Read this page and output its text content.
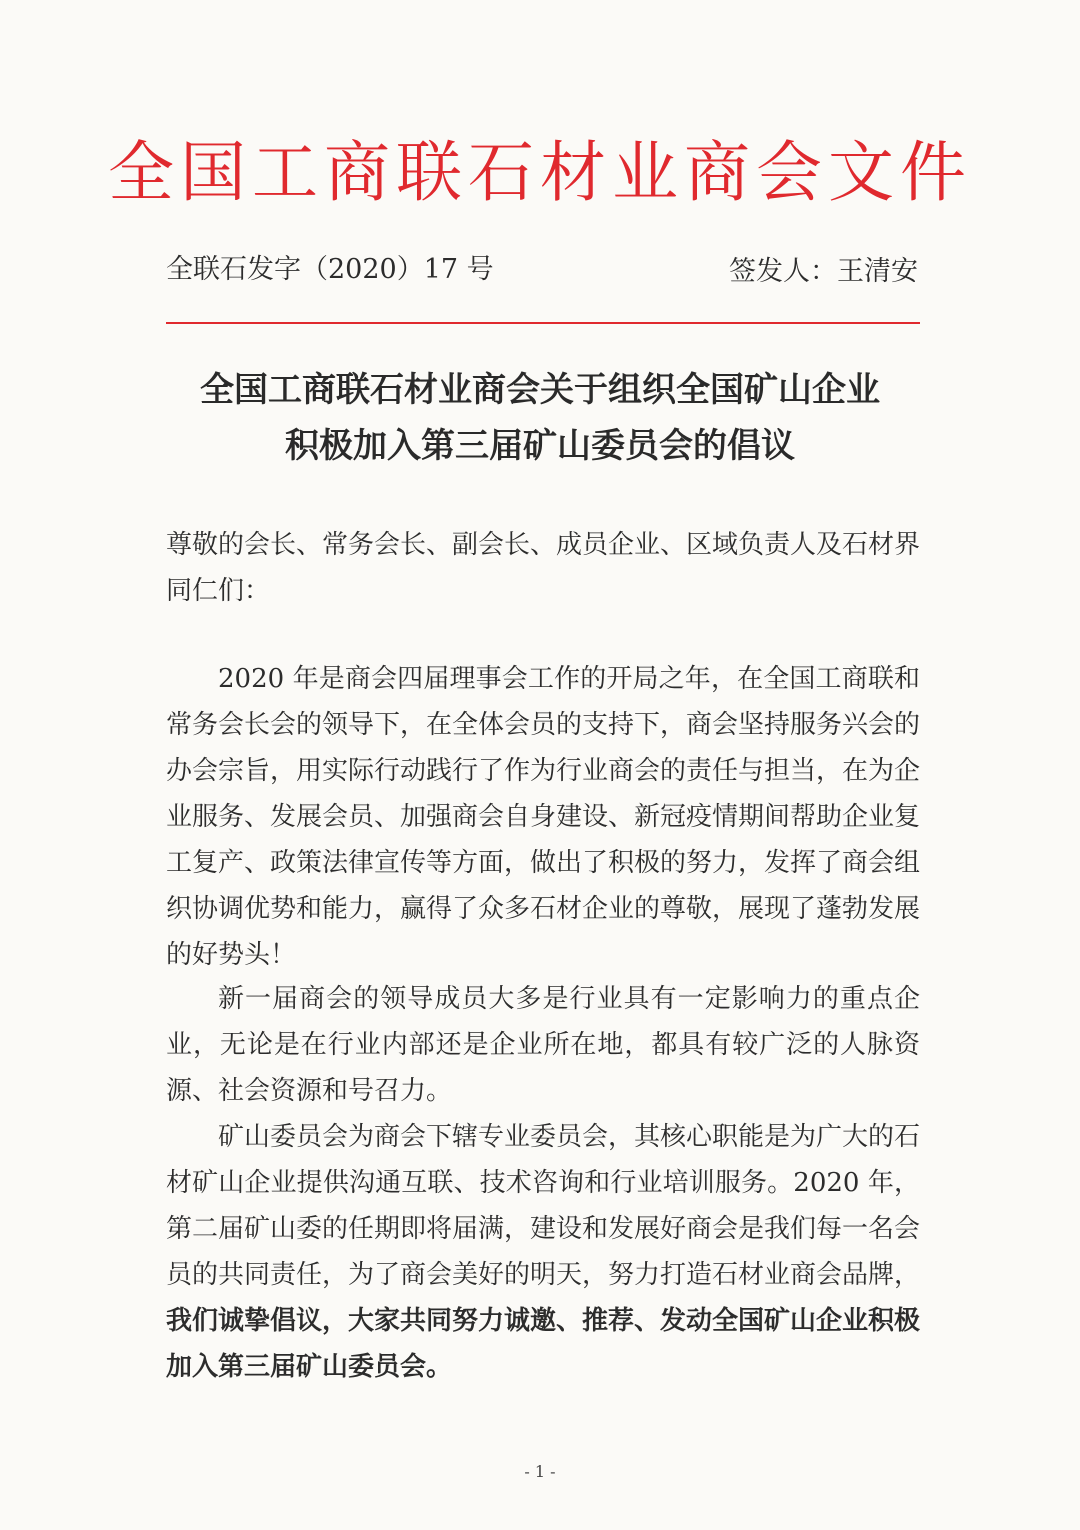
全国工商联石材业商会文件
全联石发字（2020）17 号	签发人：王清安
全国工商联石材业商会关于组织全国矿山企业
积极加入第三届矿山委员会的倡议
尊敬的会长、常务会长、副会长、成员企业、区域负责人及石材界同仁们：
2020 年是商会四届理事会工作的开局之年，在全国工商联和常务会长会的领导下，在全体会员的支持下，商会坚持服务兴会的办会宗旨，用实际行动践行了作为行业商会的责任与担当，在为企业服务、发展会员、加强商会自身建设、新冠疫情期间帮助企业复工复产、政策法律宣传等方面，做出了积极的努力，发挥了商会组织协调优势和能力，赢得了众多石材企业的尊敬，展现了蓬勃发展的好势头！
新一届商会的领导成员大多是行业具有一定影响力的重点企业，无论是在行业内部还是企业所在地，都具有较广泛的人脉资源、社会资源和号召力。
矿山委员会为商会下辖专业委员会，其核心职能是为广大的石材矿山企业提供沟通互联、技术咨询和行业培训服务。2020 年，第二届矿山委的任期即将届满，建设和发展好商会是我们每一名会员的共同责任，为了商会美好的明天，努力打造石材业商会品牌，我们诚挚倡议，大家共同努力诚邀、推荐、发动全国矿山企业积极加入第三届矿山委员会。
- 1 -
